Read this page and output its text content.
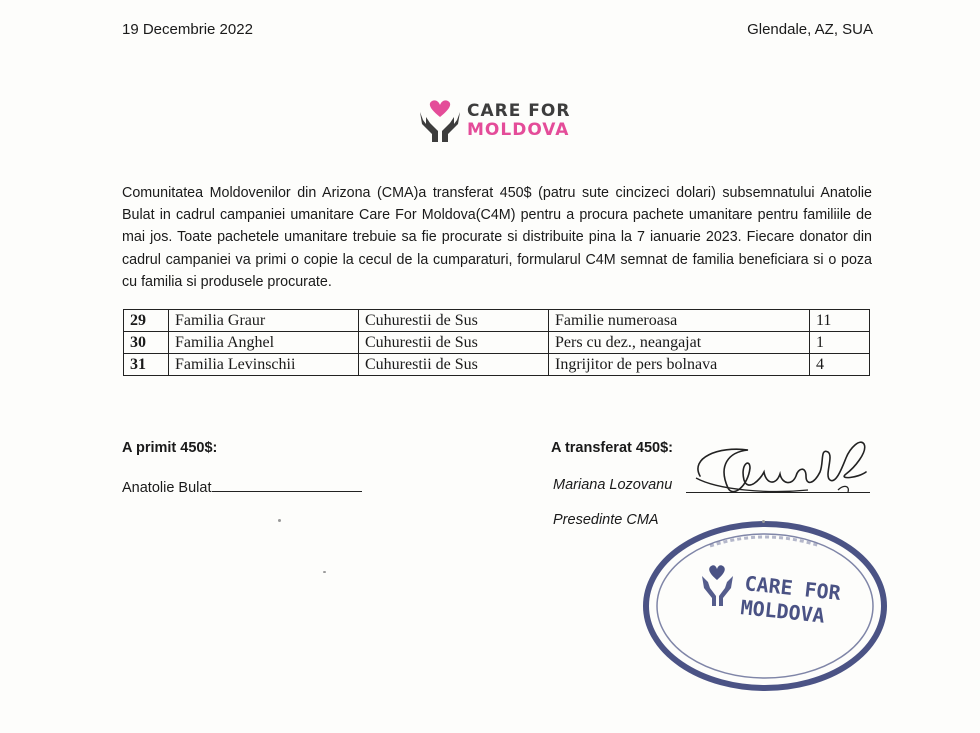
19 Decembrie 2022	Glendale, AZ, SUA
CARE FOR
MOLDOVA
Comunitatea Moldovenilor din Arizona (CMA)a transferat 450$ (patru sute cincizeci dolari) subsemnatului Anatolie Bulat in cadrul campaniei umanitare Care For Moldova(C4M) pentru a procura pachete umanitare pentru familiile de mai jos. Toate pachetele umanitare trebuie sa fie procurate si distribuite pina la 7 ianuarie 2023. Fiecare donator din cadrul campaniei va primi o copie la cecul de la cumparaturi, formularul C4M semnat de familia beneficiara si o poza cu familia si produsele procurate.
29	Familia Graur	Cuhurestii de Sus	Familie numeroasa	11
30	Familia Anghel	Cuhurestii de Sus	Pers cu dez., neangajat	1
31	Familia Levinschii	Cuhurestii de Sus	Ingrijitor de pers bolnava	4
A primit 450$:
Anatolie Bulat
A transferat 450$:
Mariana Lozovanu
Presedinte CMA
CARE FOR
MOLDOVA
